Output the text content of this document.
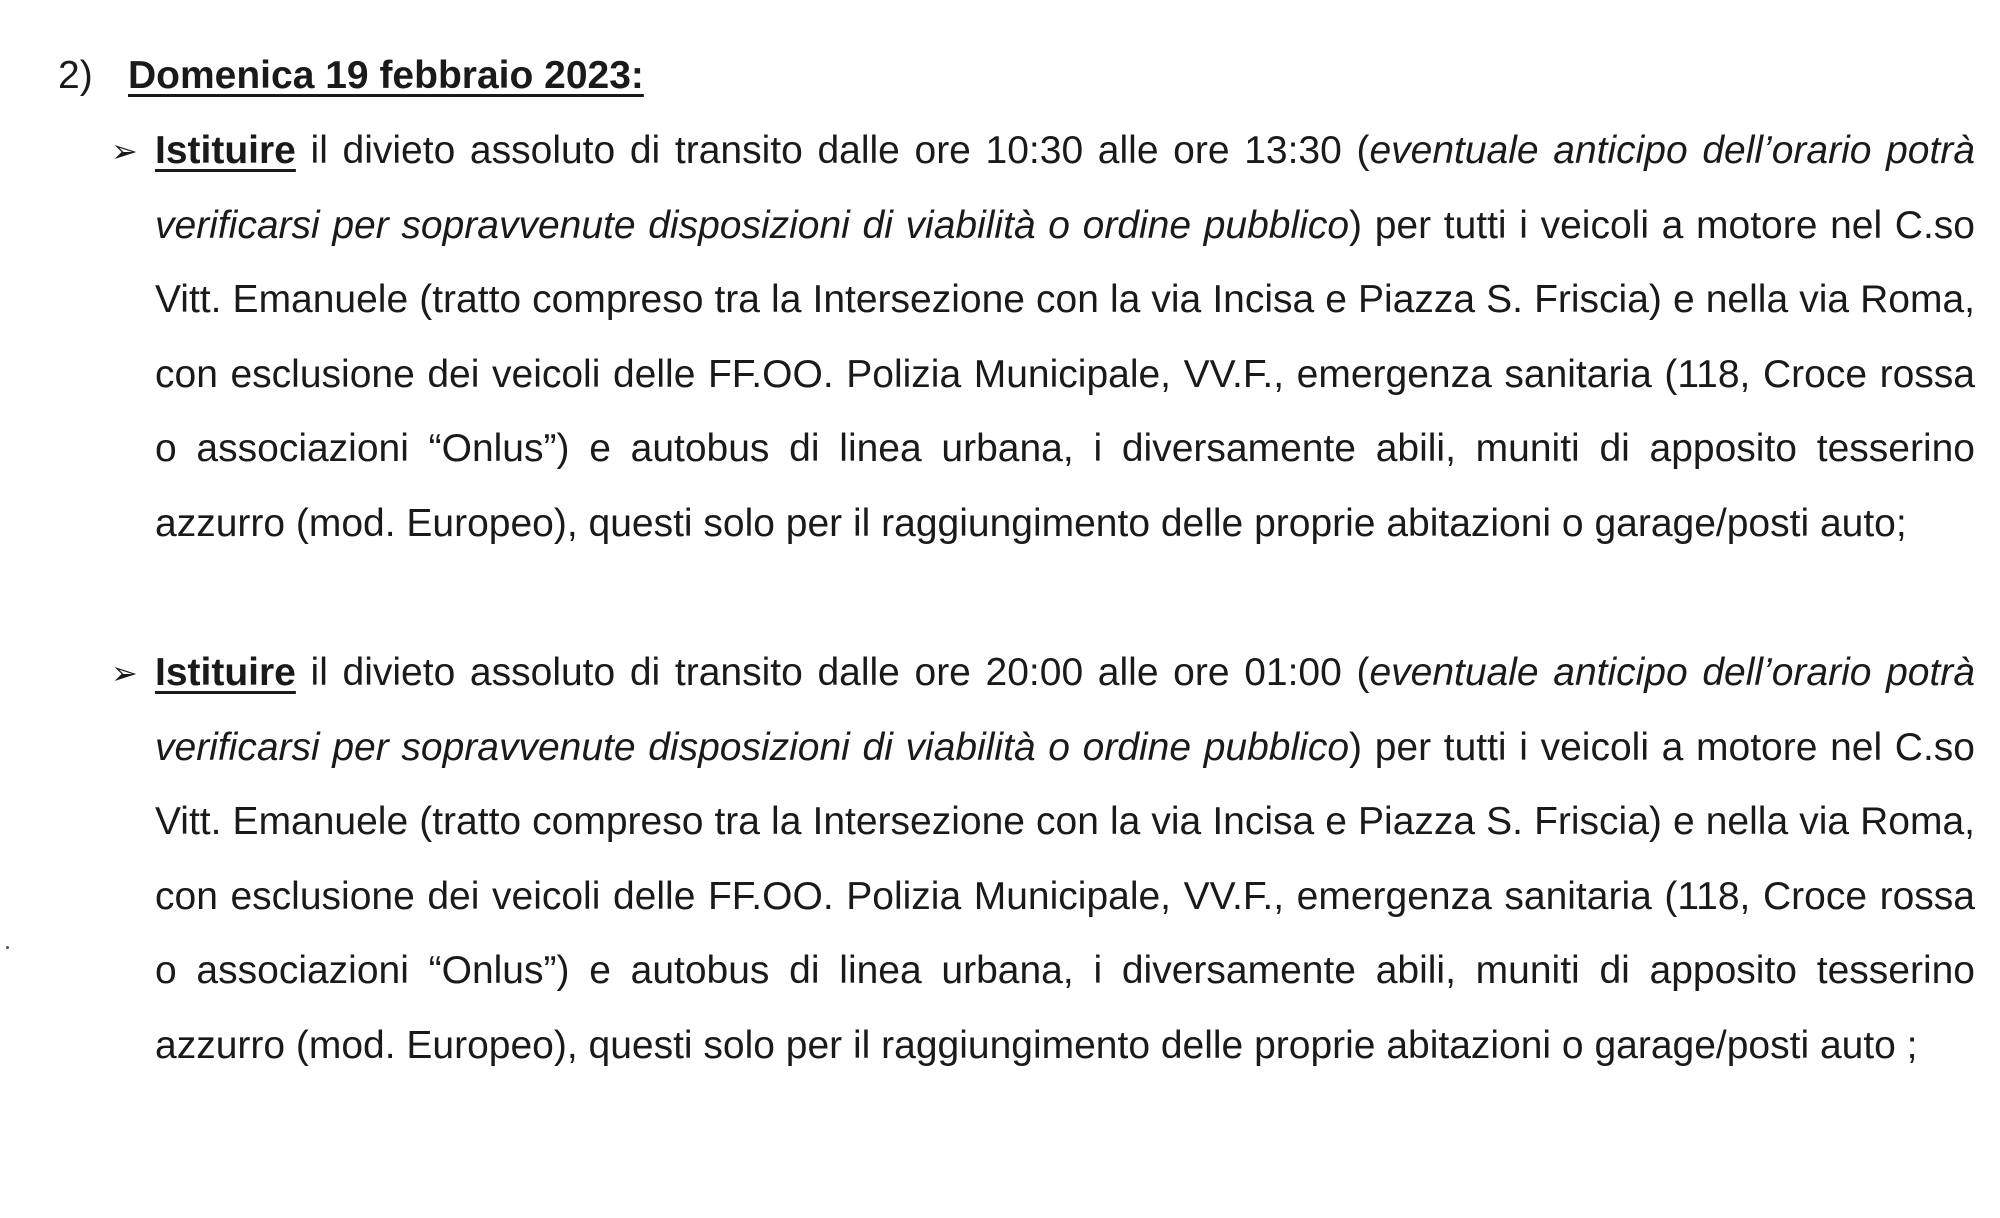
2) Domenica 19 febbraio 2023:
➢ Istituire il divieto assoluto di transito dalle ore 10:30 alle ore 13:30 (eventuale anticipo dell’orario potrà verificarsi per sopravvenute disposizioni di viabilità o ordine pubblico) per tutti i veicoli a motore nel C.so Vitt. Emanuele (tratto compreso tra la Intersezione con la via Incisa e Piazza S. Friscia) e nella via Roma, con esclusione dei veicoli delle FF.OO. Polizia Municipale, VV.F., emergenza sanitaria (118, Croce rossa o associazioni “Onlus”) e autobus di linea urbana, i diversamente abili, muniti di apposito tesserino azzurro (mod. Europeo), questi solo per il raggiungimento delle proprie abitazioni o garage/posti auto;
➢ Istituire il divieto assoluto di transito dalle ore 20:00 alle ore 01:00 (eventuale anticipo dell’orario potrà verificarsi per sopravvenute disposizioni di viabilità o ordine pubblico) per tutti i veicoli a motore nel C.so Vitt. Emanuele (tratto compreso tra la Intersezione con la via Incisa e Piazza S. Friscia) e nella via Roma, con esclusione dei veicoli delle FF.OO. Polizia Municipale, VV.F., emergenza sanitaria (118, Croce rossa o associazioni “Onlus”) e autobus di linea urbana, i diversamente abili, muniti di apposito tesserino azzurro (mod. Europeo), questi solo per il raggiungimento delle proprie abitazioni o garage/posti auto ;
